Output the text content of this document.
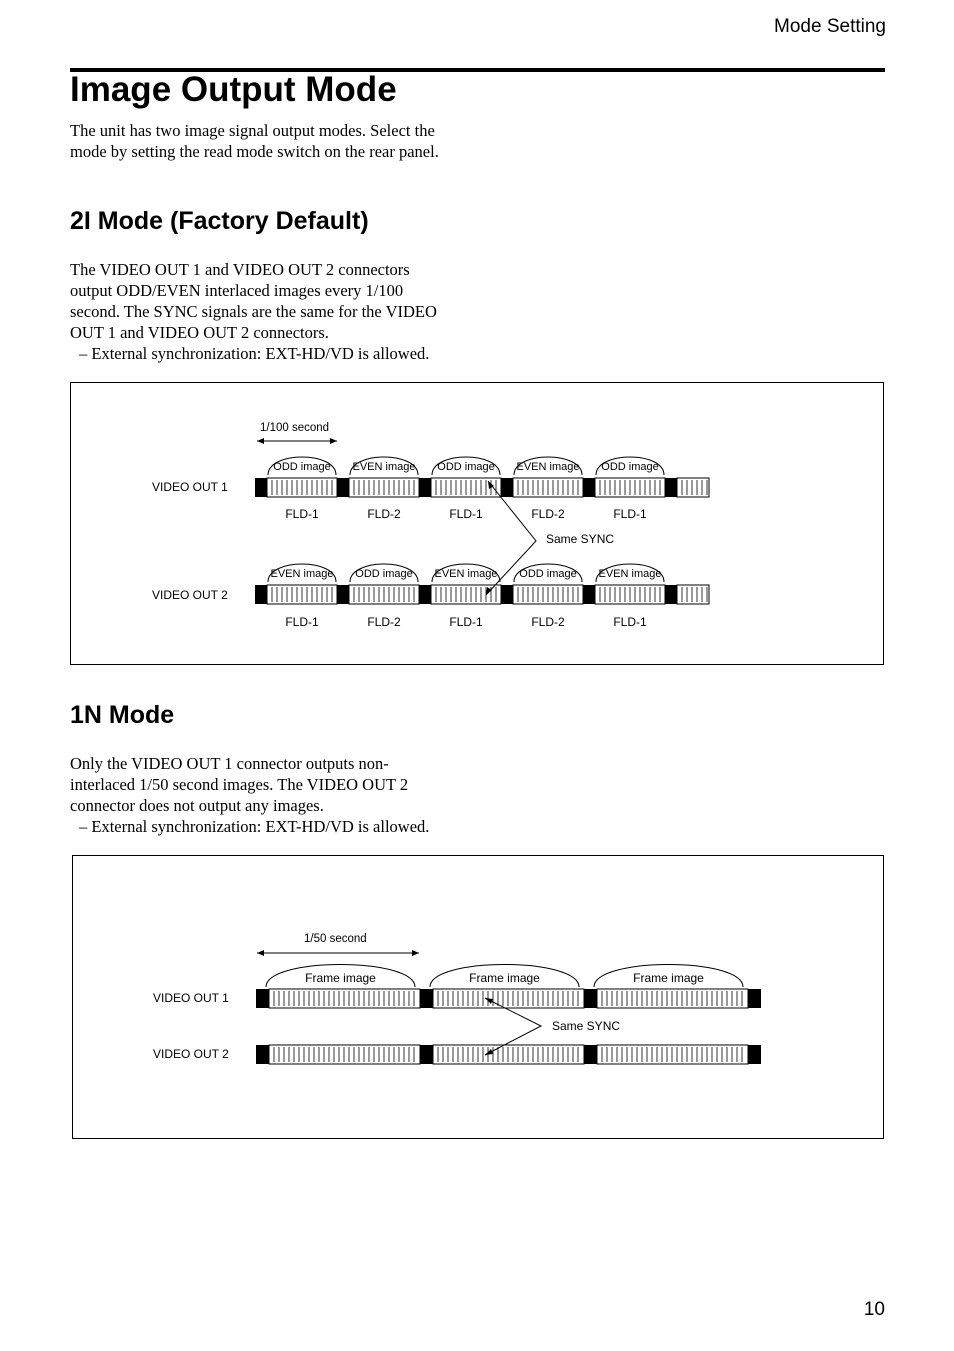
Mode Setting
Image Output Mode

The unit has two image signal output modes. Select the mode by setting the read mode switch on the rear panel.

2I Mode (Factory Default)

The VIDEO OUT 1 and VIDEO OUT 2 connectors output ODD/EVEN interlaced images every 1/100 second. The SYNC signals are the same for the VIDEO OUT 1 and VIDEO OUT 2 connectors.

– External synchronization: EXT-HD/VD is allowed.

1/100 second
VIDEO OUT 1
VIDEO OUT 2
ODD image EVEN image ODD image EVEN image ODD image
FLD-1	FLD-2	FLD-1	FLD-2	FLD-1
EVEN image ODD image EVEN image ODD image EVEN image
FLD-1	FLD-2	FLD-1	FLD-2	FLD-1
Same SYNC
1N Mode

Only the VIDEO OUT 1 connector outputs non-interlaced 1/50 second images. The VIDEO OUT 2 connector does not output any images.

– External synchronization: EXT-HD/VD is allowed.

1/50 second
VIDEO OUT 1
VIDEO OUT 2
Frame image	Frame image	Frame image
Same SYNC
10
